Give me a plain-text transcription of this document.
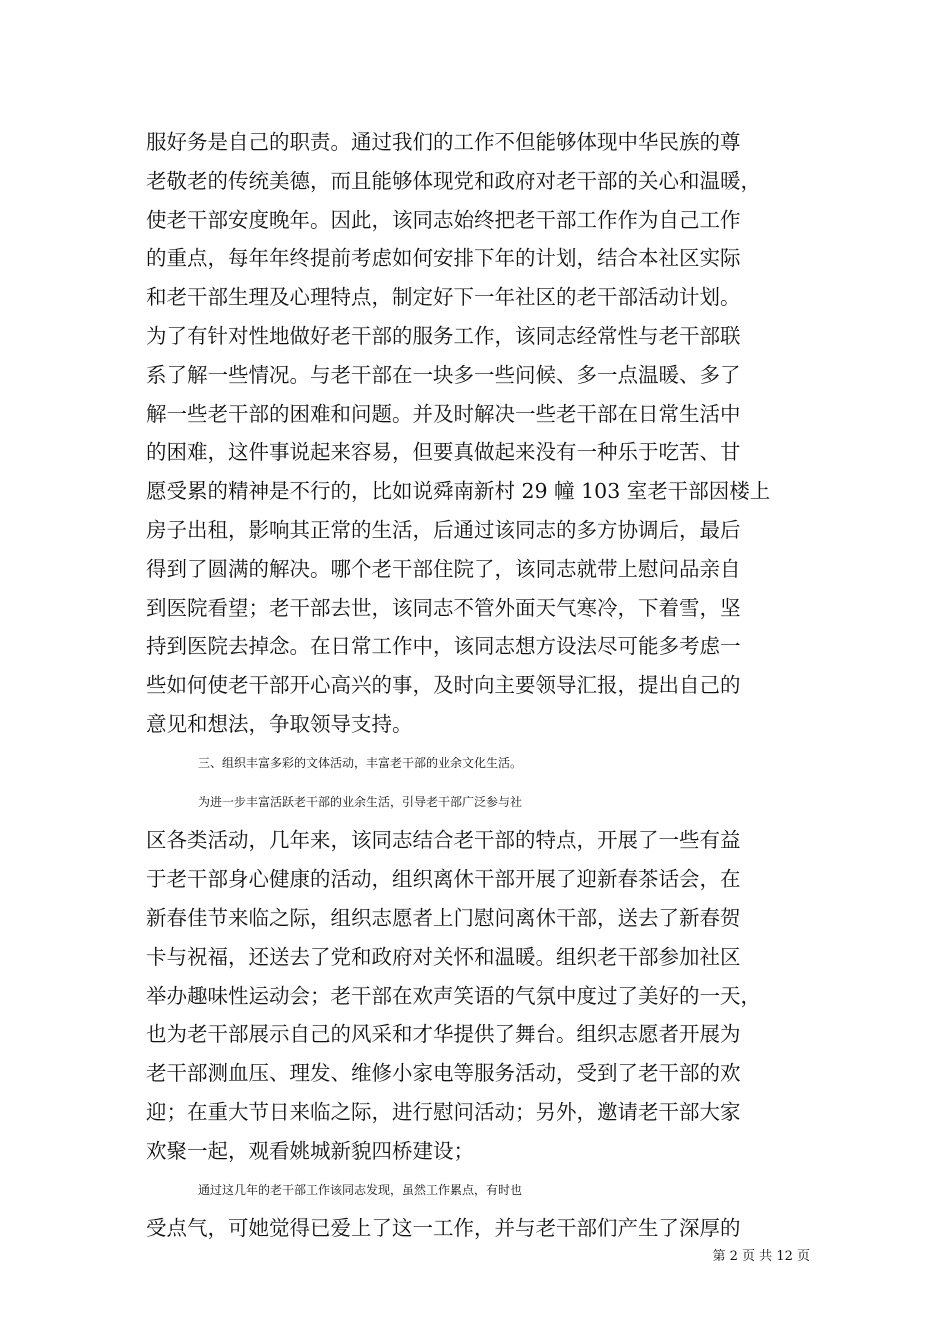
服好务是自己的职责。通过我们的工作不但能够体现中华民族的尊
老敬老的传统美德，而且能够体现党和政府对老干部的关心和温暖，
使老干部安度晚年。因此，该同志始终把老干部工作作为自己工作
的重点，每年年终提前考虑如何安排下年的计划，结合本社区实际
和老干部生理及心理特点，制定好下一年社区的老干部活动计划。
为了有针对性地做好老干部的服务工作，该同志经常性与老干部联
系了解一些情况。与老干部在一块多一些问候、多一点温暖、多了
解一些老干部的困难和问题。并及时解决一些老干部在日常生活中
的困难，这件事说起来容易，但要真做起来没有一种乐于吃苦、甘
愿受累的精神是不行的，比如说舜南新村 29 幢 103 室老干部因楼上
房子出租，影响其正常的生活，后通过该同志的多方协调后，最后
得到了圆满的解决。哪个老干部住院了，该同志就带上慰问品亲自
到医院看望；老干部去世，该同志不管外面天气寒冷，下着雪，坚
持到医院去掉念。在日常工作中，该同志想方设法尽可能多考虑一
些如何使老干部开心高兴的事，及时向主要领导汇报，提出自己的
意见和想法，争取领导支持。
三、组织丰富多彩的文体活动，丰富老干部的业余文化生活。
为进一步丰富活跃老干部的业余生活，引导老干部广泛参与社
区各类活动，几年来，该同志结合老干部的特点，开展了一些有益
于老干部身心健康的活动，组织离休干部开展了迎新春茶话会，在
新春佳节来临之际，组织志愿者上门慰问离休干部，送去了新春贺
卡与祝福，还送去了党和政府对关怀和温暖。组织老干部参加社区
举办趣味性运动会；老干部在欢声笑语的气氛中度过了美好的一天，
也为老干部展示自己的风采和才华提供了舞台。组织志愿者开展为
老干部测血压、理发、维修小家电等服务活动，受到了老干部的欢
迎；在重大节日来临之际，进行慰问活动；另外，邀请老干部大家
欢聚一起，观看姚城新貌四桥建设；
通过这几年的老干部工作该同志发现，虽然工作累点，有时也
受点气，可她觉得已爱上了这一工作，并与老干部们产生了深厚的
第 2 页 共 12 页
